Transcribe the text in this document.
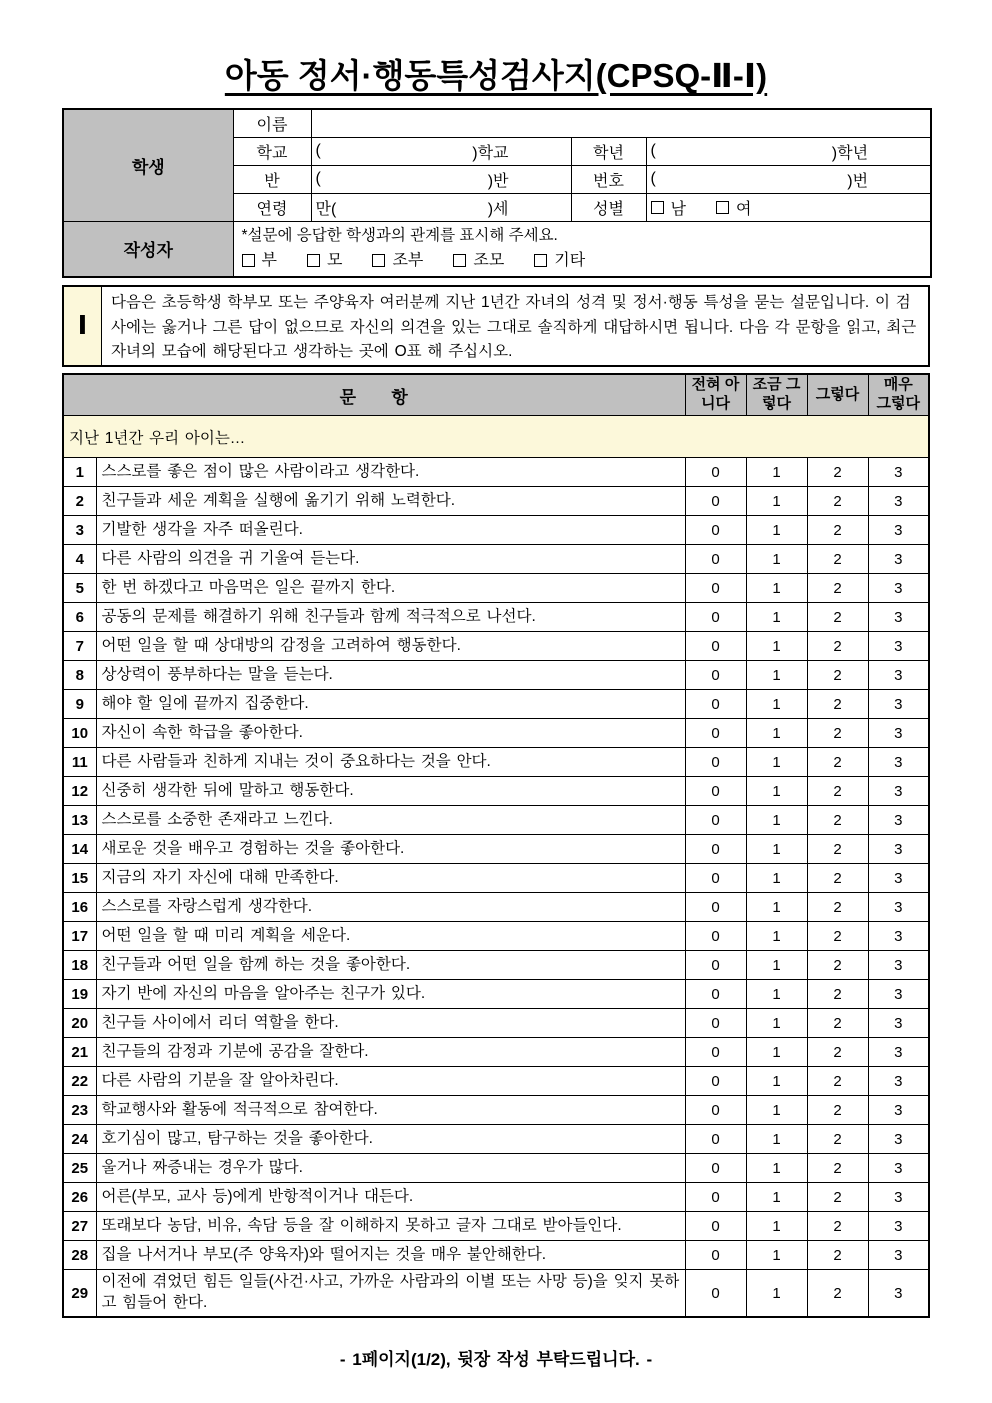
아동 정서·행동특성검사지(CPSQ-Ⅱ-Ⅰ)
학생	이름			
	학교	( )학교	학년	( )학년

	반	( )반	번호	( )번

	연령	만( )세	성별	남 여

작성자	
*설문에 응답한 학생과의 관계를 표시해 주세요.
부	모	조부	조모	기타
Ⅰ
다음은 초등학생 학부모 또는 주양육자 여러분께 지난 1년간 자녀의 성격 및 정서·행동 특성을 묻는 설문입니다. 이 검사에는 옳거나 그른 답이 없으므로 자신의 의견을 있는 그대로 솔직하게 대답하시면 됩니다. 다음 각 문항을 읽고, 최근 자녀의 모습에 해당된다고 생각하는 곳에 O표 해 주십시오.
문      항		전혀 아니다	조금 그렇다	그렇다	매우 그렇다
지난 1년간 우리 아이는…					
1	스스로를 좋은 점이 많은 사람이라고 생각한다.	0	1	2	3
2	친구들과 세운 계획을 실행에 옮기기 위해 노력한다.	0	1	2	3
3	기발한 생각을 자주 떠올린다.	0	1	2	3
4	다른 사람의 의견을 귀 기울여 듣는다.	0	1	2	3
5	한 번 하겠다고 마음먹은 일은 끝까지 한다.	0	1	2	3
6	공동의 문제를 해결하기 위해 친구들과 함께 적극적으로 나선다.	0	1	2	3
7	어떤 일을 할 때 상대방의 감정을 고려하여 행동한다.	0	1	2	3
8	상상력이 풍부하다는 말을 듣는다.	0	1	2	3
9	해야 할 일에 끝까지 집중한다.	0	1	2	3
10	자신이 속한 학급을 좋아한다.	0	1	2	3
11	다른 사람들과 친하게 지내는 것이 중요하다는 것을 안다.	0	1	2	3
12	신중히 생각한 뒤에 말하고 행동한다.	0	1	2	3
13	스스로를 소중한 존재라고 느낀다.	0	1	2	3
14	새로운 것을 배우고 경험하는 것을 좋아한다.	0	1	2	3
15	지금의 자기 자신에 대해 만족한다.	0	1	2	3
16	스스로를 자랑스럽게 생각한다.	0	1	2	3
17	어떤 일을 할 때 미리 계획을 세운다.	0	1	2	3
18	친구들과 어떤 일을 함께 하는 것을 좋아한다.	0	1	2	3
19	자기 반에 자신의 마음을 알아주는 친구가 있다.	0	1	2	3
20	친구들 사이에서 리더 역할을 한다.	0	1	2	3
21	친구들의 감정과 기분에 공감을 잘한다.	0	1	2	3
22	다른 사람의 기분을 잘 알아차린다.	0	1	2	3
23	학교행사와 활동에 적극적으로 참여한다.	0	1	2	3
24	호기심이 많고, 탐구하는 것을 좋아한다.	0	1	2	3
25	울거나 짜증내는 경우가 많다.	0	1	2	3
26	어른(부모, 교사 등)에게 반항적이거나 대든다.	0	1	2	3
27	또래보다 농담, 비유, 속담 등을 잘 이해하지 못하고 글자 그대로 받아들인다.	0	1	2	3
28	집을 나서거나 부모(주 양육자)와 떨어지는 것을 매우 불안해한다.	0	1	2	3
29	이전에 겪었던 힘든 일들(사건·사고, 가까운 사람과의 이별 또는 사망 등)을 잊지 못하고 힘들어 한다.	0	1	2	3
- 1페이지(1/2), 뒷장 작성 부탁드립니다. -
